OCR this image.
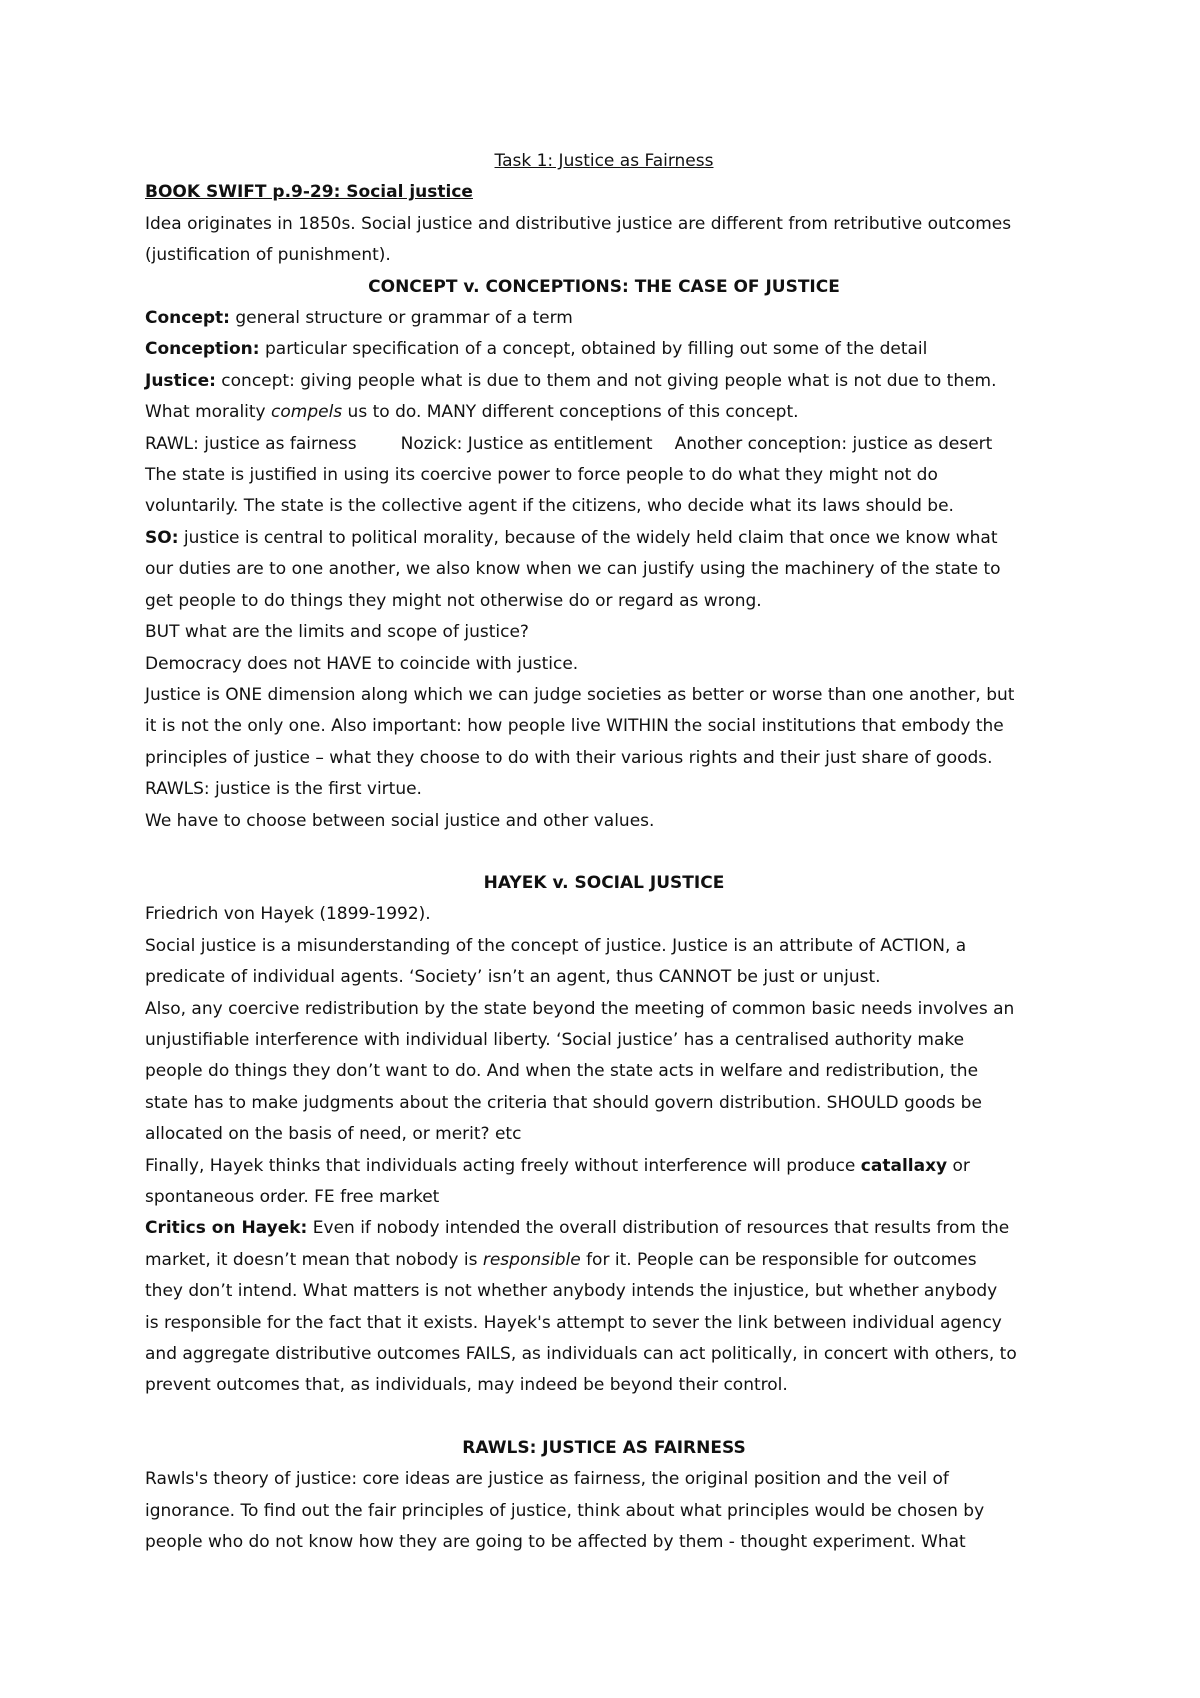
Task 1: Justice as Fairness
BOOK SWIFT p.9-29: Social justice
Idea originates in 1850s. Social justice and distributive justice are different from retributive outcomes
(justification of punishment).
CONCEPT v. CONCEPTIONS: THE CASE OF JUSTICE
Concept: general structure or grammar of a term
Conception: particular specification of a concept, obtained by filling out some of the detail
Justice: concept: giving people what is due to them and not giving people what is not due to them.
What morality compels us to do. MANY different conceptions of this concept.
RAWL: justice as fairness	Nozick: Justice as entitlement Another conception: justice as desert
The state is justified in using its coercive power to force people to do what they might not do
voluntarily. The state is the collective agent if the citizens, who decide what its laws should be.
SO: justice is central to political morality, because of the widely held claim that once we know what
our duties are to one another, we also know when we can justify using the machinery of the state to
get people to do things they might not otherwise do or regard as wrong.
BUT what are the limits and scope of justice?
Democracy does not HAVE to coincide with justice.
Justice is ONE dimension along which we can judge societies as better or worse than one another, but
it is not the only one. Also important: how people live WITHIN the social institutions that embody the
principles of justice – what they choose to do with their various rights and their just share of goods.
RAWLS: justice is the first virtue.
We have to choose between social justice and other values.
HAYEK v. SOCIAL JUSTICE
Friedrich von Hayek (1899-1992).
Social justice is a misunderstanding of the concept of justice. Justice is an attribute of ACTION, a
predicate of individual agents. ‘Society’ isn’t an agent, thus CANNOT be just or unjust.
Also, any coercive redistribution by the state beyond the meeting of common basic needs involves an
unjustifiable interference with individual liberty. ‘Social justice’ has a centralised authority make
people do things they don’t want to do. And when the state acts in welfare and redistribution, the
state has to make judgments about the criteria that should govern distribution. SHOULD goods be
allocated on the basis of need, or merit? etc
Finally, Hayek thinks that individuals acting freely without interference will produce catallaxy or
spontaneous order. FE free market
Critics on Hayek: Even if nobody intended the overall distribution of resources that results from the
market, it doesn’t mean that nobody is responsible for it. People can be responsible for outcomes
they don’t intend. What matters is not whether anybody intends the injustice, but whether anybody
is responsible for the fact that it exists. Hayek's attempt to sever the link between individual agency
and aggregate distributive outcomes FAILS, as individuals can act politically, in concert with others, to
prevent outcomes that, as individuals, may indeed be beyond their control.
RAWLS: JUSTICE AS FAIRNESS
Rawls's theory of justice: core ideas are justice as fairness, the original position and the veil of
ignorance. To find out the fair principles of justice, think about what principles would be chosen by
people who do not know how they are going to be affected by them - thought experiment. What
